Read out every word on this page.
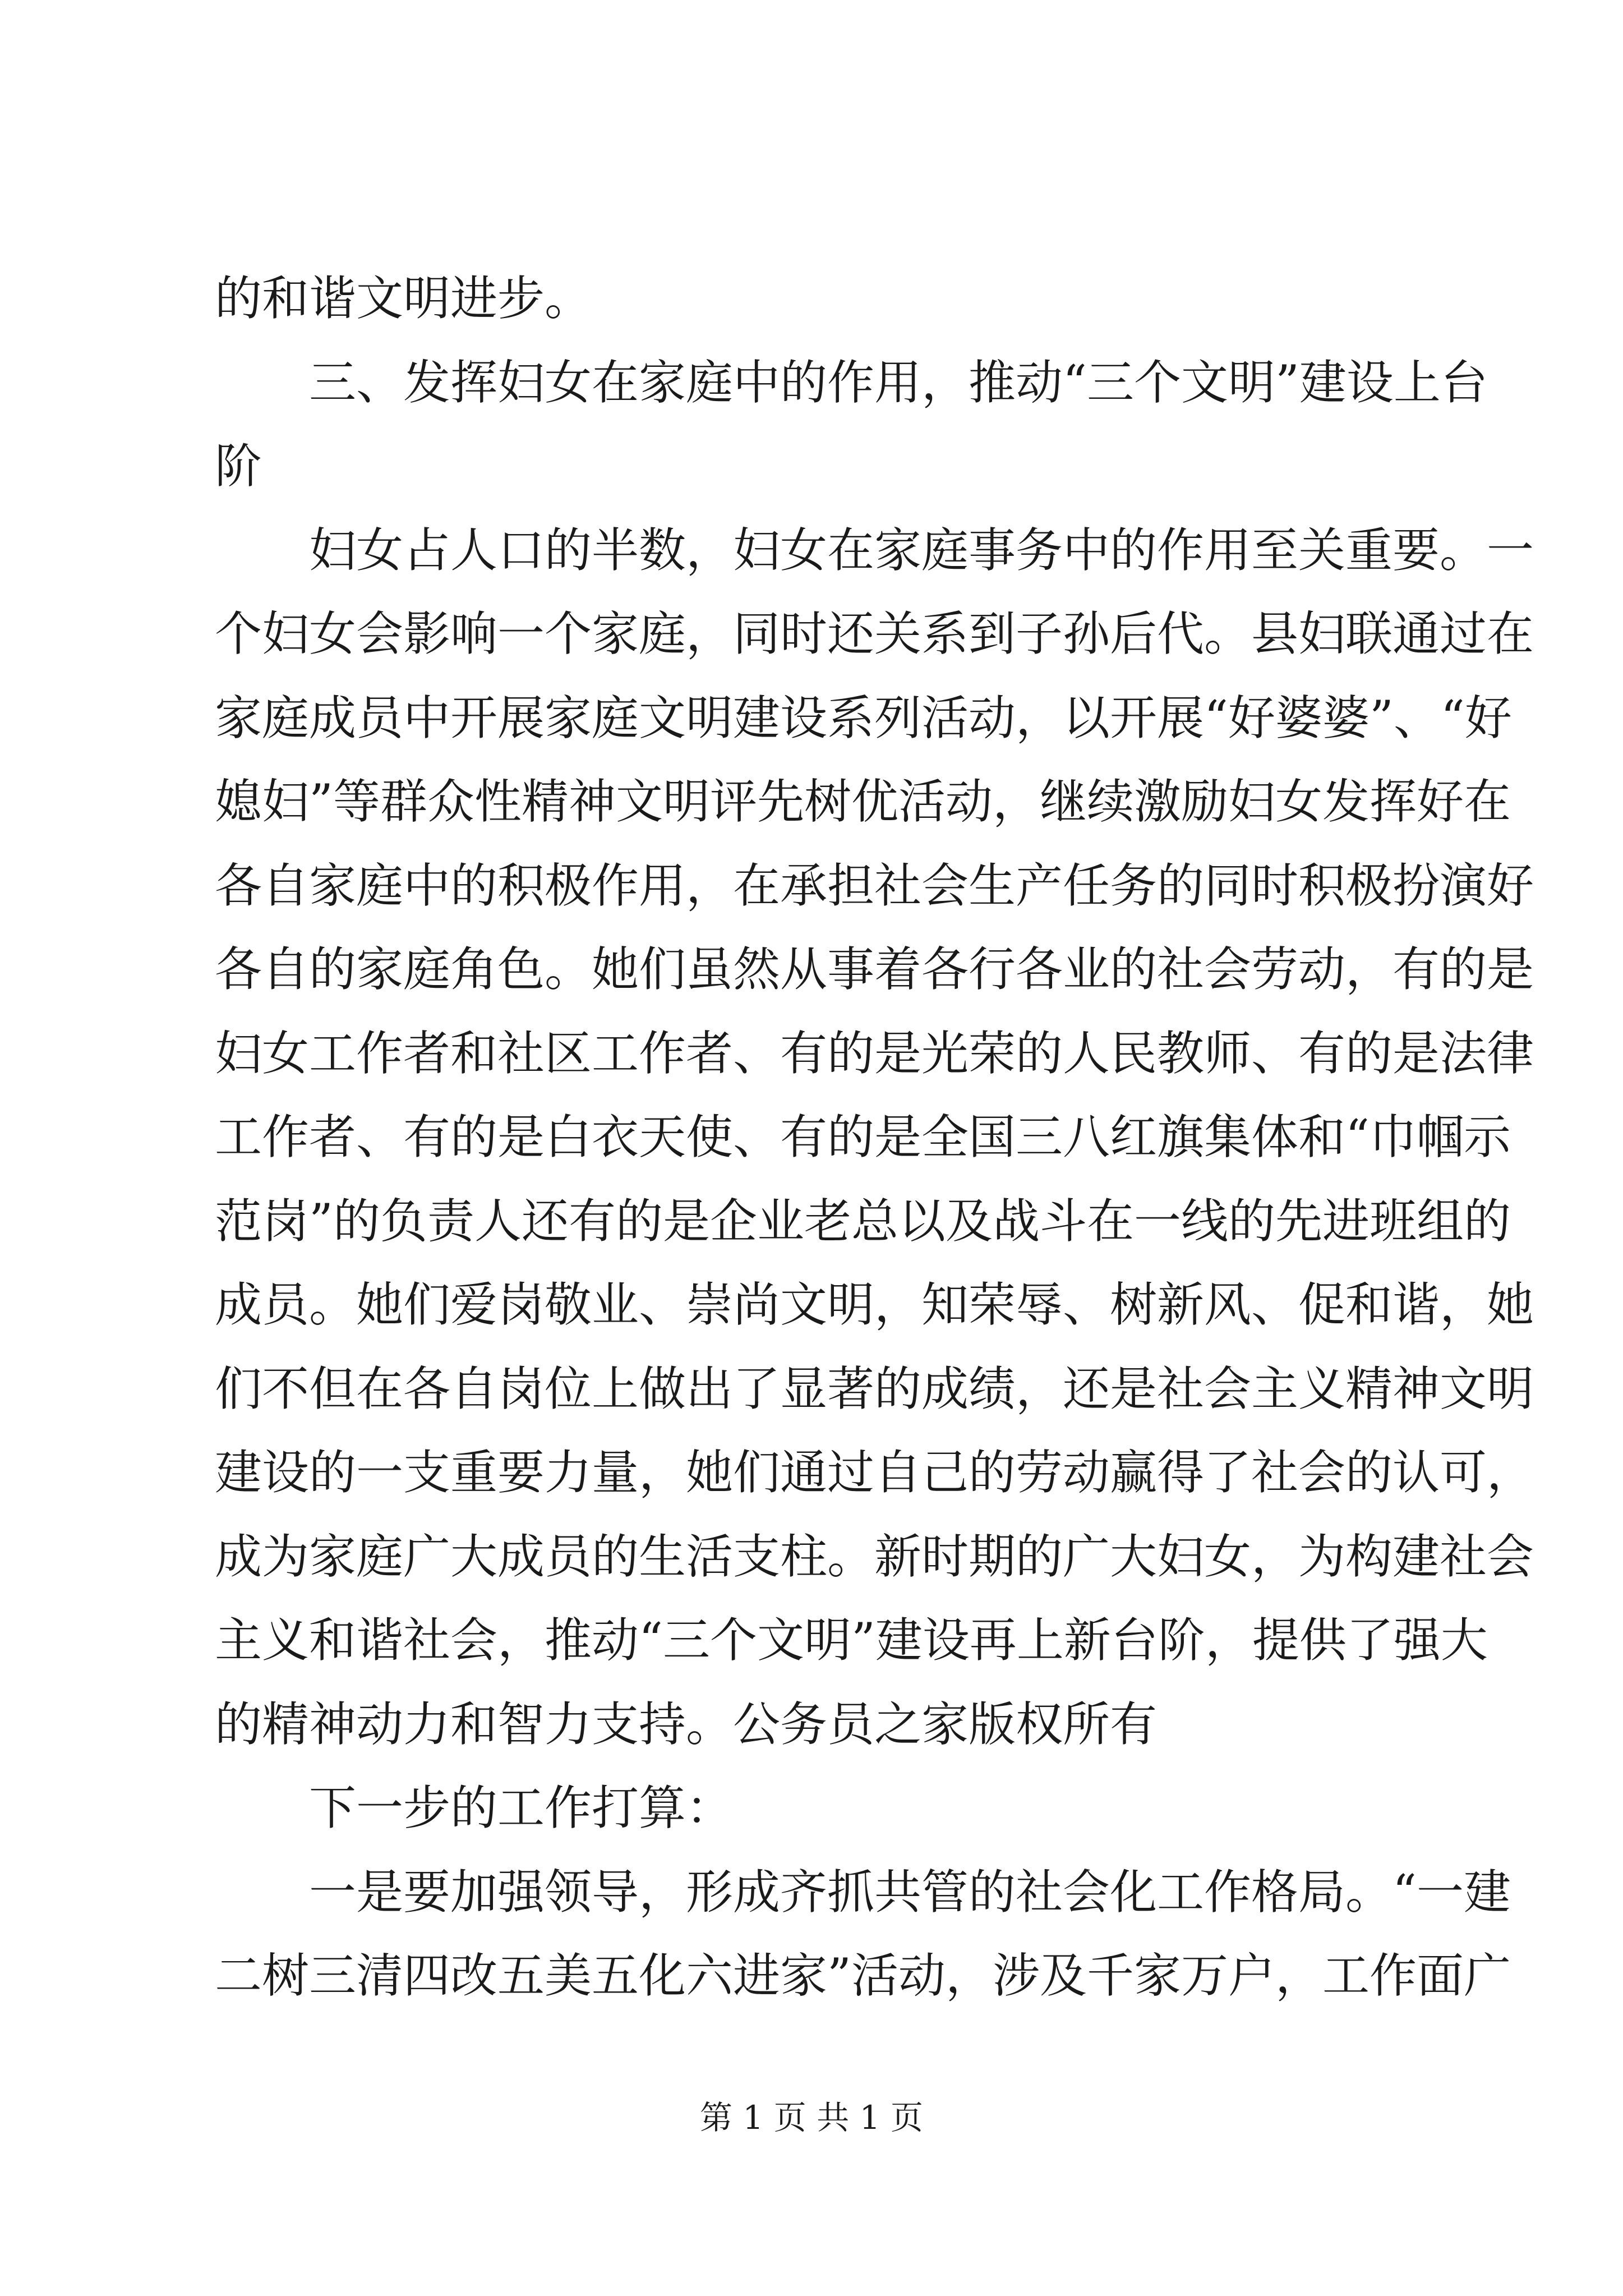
的和谐文明进步。
三、发挥妇女在家庭中的作用，推动“三个文明”建设上台
阶
妇女占人口的半数，妇女在家庭事务中的作用至关重要。一
个妇女会影响一个家庭，同时还关系到子孙后代。县妇联通过在
家庭成员中开展家庭文明建设系列活动，以开展“好婆婆”、“好
媳妇”等群众性精神文明评先树优活动，继续激励妇女发挥好在
各自家庭中的积极作用，在承担社会生产任务的同时积极扮演好
各自的家庭角色。她们虽然从事着各行各业的社会劳动，有的是
妇女工作者和社区工作者、有的是光荣的人民教师、有的是法律
工作者、有的是白衣天使、有的是全国三八红旗集体和“巾帼示
范岗”的负责人还有的是企业老总以及战斗在一线的先进班组的
成员。她们爱岗敬业、崇尚文明，知荣辱、树新风、促和谐，她
们不但在各自岗位上做出了显著的成绩，还是社会主义精神文明
建设的一支重要力量，她们通过自己的劳动赢得了社会的认可，
成为家庭广大成员的生活支柱。新时期的广大妇女，为构建社会
主义和谐社会，推动“三个文明”建设再上新台阶，提供了强大
的精神动力和智力支持。公务员之家版权所有
下一步的工作打算：
一是要加强领导，形成齐抓共管的社会化工作格局。“一建
二树三清四改五美五化六进家”活动，涉及千家万户，工作面广
第 1 页 共 1 页
